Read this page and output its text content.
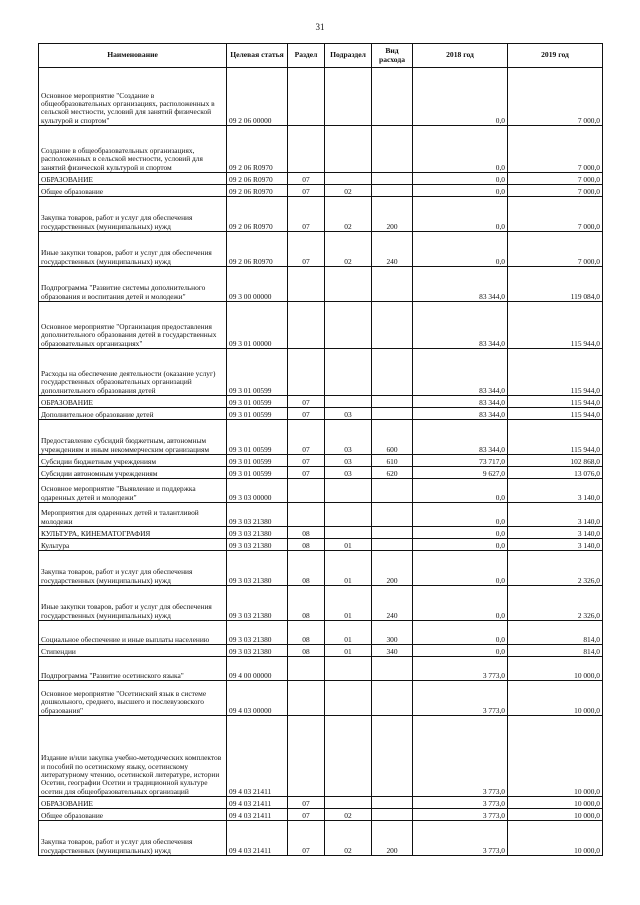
31
Наименование	Целевая статья	Раздел	Подраздел	Вид расхода	2018 год	2019 год
Основное мероприятие "Создание в общеобразовательных организациях, расположенных в сельской местности, условий для занятий физической культурой и спортом"	09 2 06 00000				0,0	7 000,0
Создание в общеобразовательных организациях, расположенных в сельской местности, условий для занятий физической культурой и спортом	09 2 06 R0970				0,0	7 000,0
ОБРАЗОВАНИЕ	09 2 06 R0970	07			0,0	7 000,0
Общее образование	09 2 06 R0970	07	02		0,0	7 000,0
Закупка товаров, работ и услуг для обеспечения государственных (муниципальных) нужд	09 2 06 R0970	07	02	200	0,0	7 000,0
Иные закупки товаров, работ и услуг для обеспечения государственных (муниципальных) нужд	09 2 06 R0970	07	02	240	0,0	7 000,0
Подпрограмма "Развитие системы дополнительного образования и воспитания детей и молодежи"	09 3 00 00000				83 344,0	119 084,0
Основное мероприятие "Организация предоставления дополнительного образования детей в государственных образовательных организациях"	09 3 01 00000				83 344,0	115 944,0
Расходы на обеспечение деятельности (оказание услуг) государственных образовательных организаций дополнительного образования детей	09 3 01 00599				83 344,0	115 944,0
ОБРАЗОВАНИЕ	09 3 01 00599	07			83 344,0	115 944,0
Дополнительное образование детей	09 3 01 00599	07	03		83 344,0	115 944,0
Предоставление субсидий бюджетным, автономным учреждениям и иным некоммерческим организациям	09 3 01 00599	07	03	600	83 344,0	115 944,0
Субсидии бюджетным учреждениям	09 3 01 00599	07	03	610	73 717,0	102 868,0
Субсидии автономным учреждениям	09 3 01 00599	07	03	620	9 627,0	13 076,0
Основное мероприятие "Выявление и поддержка одаренных детей и молодежи"	09 3 03 00000				0,0	3 140,0
Мероприятия для одаренных детей и талантливой молодежи	09 3 03 21380				0,0	3 140,0
КУЛЬТУРА, КИНЕМАТОГРАФИЯ	09 3 03 21380	08			0,0	3 140,0
Культура	09 3 03 21380	08	01		0,0	3 140,0
Закупка товаров, работ и услуг для обеспечения государственных (муниципальных) нужд	09 3 03 21380	08	01	200	0,0	2 326,0
Иные закупки товаров, работ и услуг для обеспечения государственных (муниципальных) нужд	09 3 03 21380	08	01	240	0,0	2 326,0
Социальное обеспечение и иные выплаты населению	09 3 03 21380	08	01	300	0,0	814,0
Стипендии	09 3 03 21380	08	01	340	0,0	814,0
Подпрограмма "Развитие осетинского языка"	09 4 00 00000				3 773,0	10 000,0
Основное мероприятие "Осетинский язык в системе дошкольного, среднего, высшего и послевузовского образования"	09 4 03 00000				3 773,0	10 000,0
Издание и/или закупка учебно-методических комплектов и пособий по осетинскому языку, осетинскому литературному чтению, осетинской литературе, истории Осетии, географии Осетии и традиционной культуре осетин для общеобразовательных организаций	09 4 03 21411				3 773,0	10 000,0
ОБРАЗОВАНИЕ	09 4 03 21411	07			3 773,0	10 000,0
Общее образование	09 4 03 21411	07	02		3 773,0	10 000,0
Закупка товаров, работ и услуг для обеспечения государственных (муниципальных) нужд	09 4 03 21411	07	02	200	3 773,0	10 000,0
